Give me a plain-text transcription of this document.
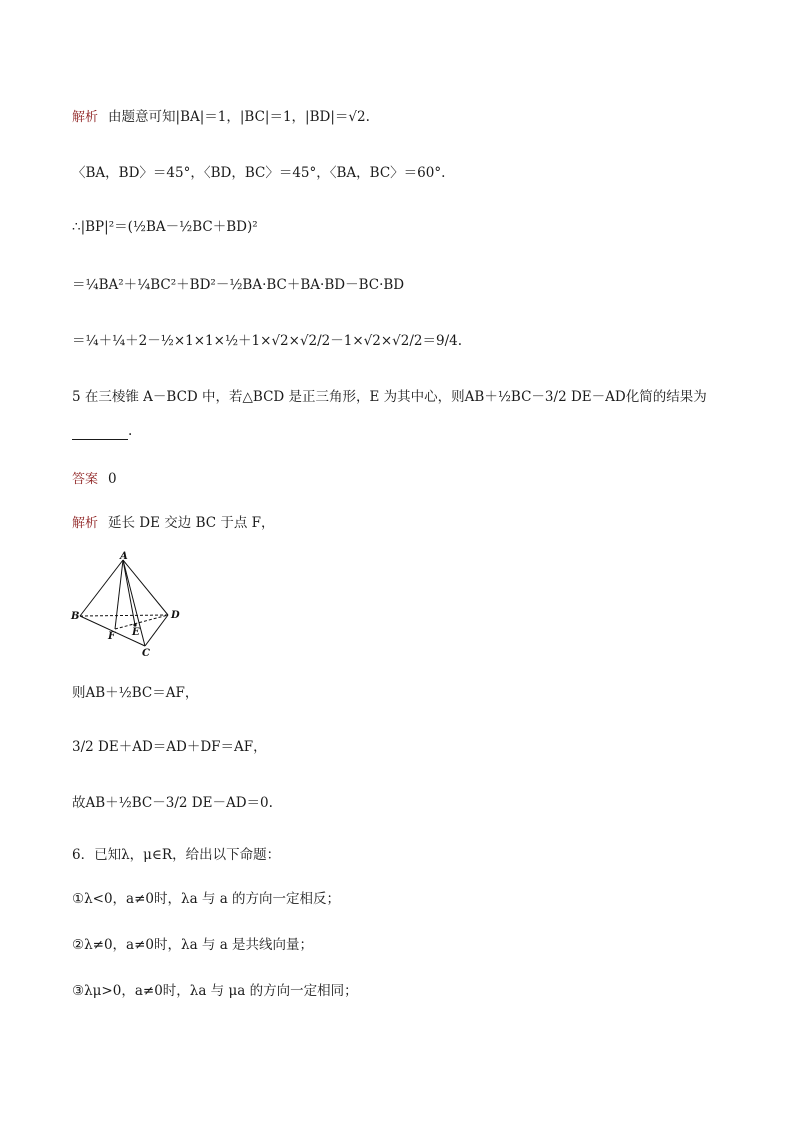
解析 由题意可知|BA|＝1，|BC|＝1，|BD|＝√2.
〈BA，BD〉＝45°，〈BD，BC〉＝45°，〈BA，BC〉＝60°.
∴|BP|²＝(½BA－½BC＋BD)²
＝¼BA²＋¼BC²＋BD²－½BA·BC＋BA·BD－BC·BD
＝¼＋¼＋2－½×1×1×½＋1×√2×√2/2－1×√2×√2/2＝9/4.
5 在三棱锥 A－BCD 中，若△BCD 是正三角形，E 为其中心，则AB＋½BC－3/2 DE－AD化简的结果为
.
答案 0
解析 延长 DE 交边 BC 于点 F，
A
B
C
D
E
F
则AB＋½BC＝AF，
3/2 DE＋AD＝AD＋DF＝AF，
故AB＋½BC－3/2 DE－AD＝0.
6．已知λ，μ∈R，给出以下命题：
①λ<0，a≠0时，λa 与 a 的方向一定相反；
②λ≠0，a≠0时，λa 与 a 是共线向量；
③λμ>0，a≠0时，λa 与 μa 的方向一定相同；
